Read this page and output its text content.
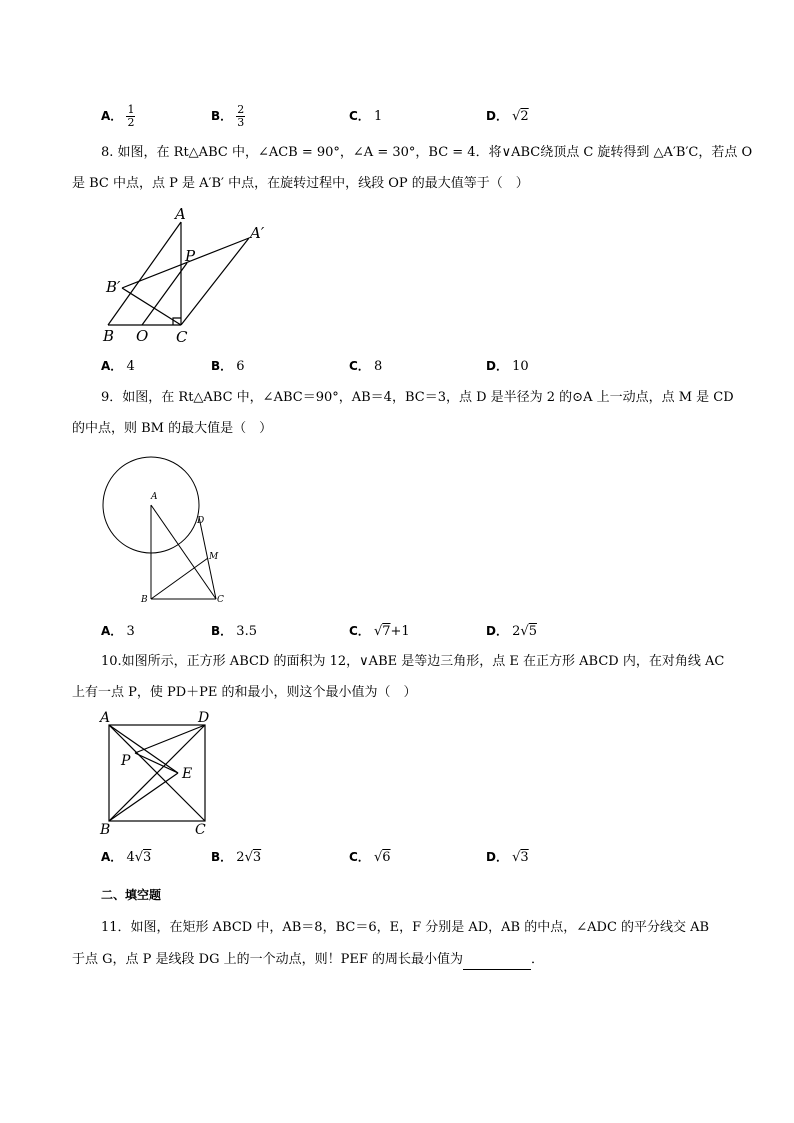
A． $\frac{1}{2}$	B． $\frac{2}{3}$	C． 1	D． √2
8. 如图，在 Rt△ABC 中，∠ACB = 90°，∠A = 30°，BC = 4．将∨ABC绕顶点 C 旋转得到 △A′B′C，若点 O
是 BC 中点，点 P 是 A′B′ 中点，在旋转过程中，线段 OP 的最大值等于（　）
A
A′
B′
P
B O C
A． 4	B． 6	C． 8	D． 10
9．如图，在 Rt△ABC 中，∠ABC＝90°，AB＝4，BC＝3，点 D 是半径为 2 的⊙A 上一动点，点 M 是 CD
的中点，则 BM 的最大值是（　）
A
D
M
B	C
A． 3	B． 3.5	C． √7+1	D． 2√5
10.如图所示，正方形 ABCD 的面积为 12，∨ABE 是等边三角形，点 E 在正方形 ABCD 内，在对角线 AC
上有一点 P，使 PD＋PE 的和最小，则这个最小值为（　）
A	D
P
E
B	C
A． 4√3	B． 2√3	C． √6	D． √3
二、填空题
11．如图，在矩形 ABCD 中，AB＝8，BC＝6，E，F 分别是 AD，AB 的中点，∠ADC 的平分线交 AB
于点 G，点 P 是线段 DG 上的一个动点，则！PEF 的周长最小值为	．
